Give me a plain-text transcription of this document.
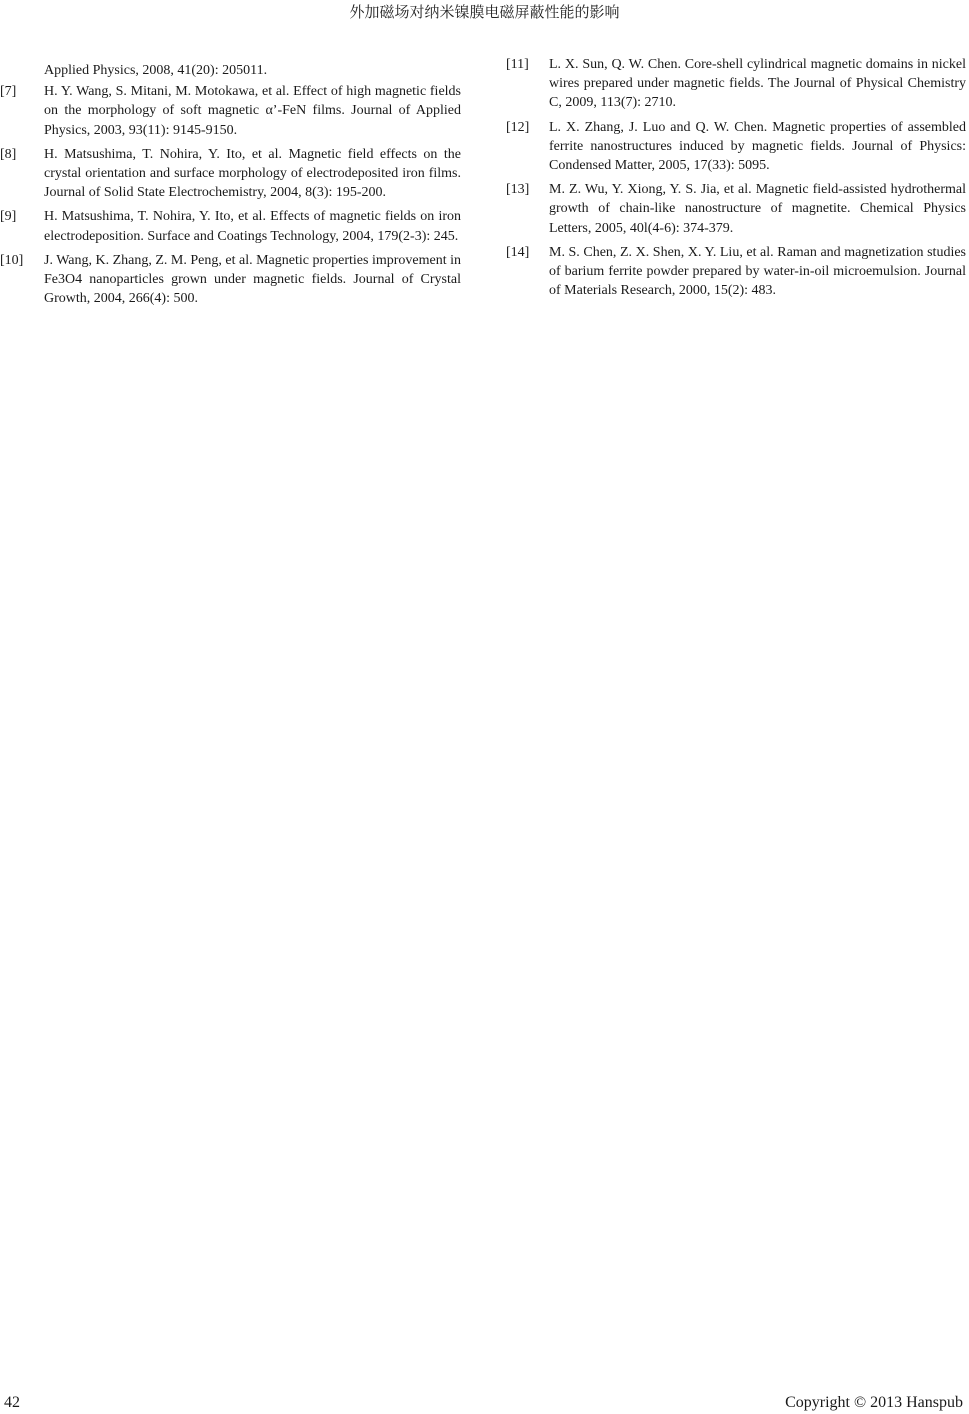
外加磁场对纳米镍膜电磁屏蔽性能的影响
Applied Physics, 2008, 41(20): 205011.
[7] H. Y. Wang, S. Mitani, M. Motokawa, et al. Effect of high magnetic fields on the morphology of soft magnetic α’-FeN films. Journal of Applied Physics, 2003, 93(11): 9145-9150.
[8] H. Matsushima, T. Nohira, Y. Ito, et al. Magnetic field effects on the crystal orientation and surface morphology of electrodeposited iron films. Journal of Solid State Electrochemistry, 2004, 8(3): 195-200.
[9] H. Matsushima, T. Nohira, Y. Ito, et al. Effects of magnetic fields on iron electrodeposition. Surface and Coatings Technology, 2004, 179(2-3): 245.
[10] J. Wang, K. Zhang, Z. M. Peng, et al. Magnetic properties improvement in Fe3O4 nanoparticles grown under magnetic fields. Journal of Crystal Growth, 2004, 266(4): 500.
[11] L. X. Sun, Q. W. Chen. Core-shell cylindrical magnetic domains in nickel wires prepared under magnetic fields. The Journal of Physical Chemistry C, 2009, 113(7): 2710.
[12] L. X. Zhang, J. Luo and Q. W. Chen. Magnetic properties of assembled ferrite nanostructures induced by magnetic fields. Journal of Physics: Condensed Matter, 2005, 17(33): 5095.
[13] M. Z. Wu, Y. Xiong, Y. S. Jia, et al. Magnetic field-assisted hydrothermal growth of chain-like nanostructure of magnetite. Chemical Physics Letters, 2005, 40l(4-6): 374-379.
[14] M. S. Chen, Z. X. Shen, X. Y. Liu, et al. Raman and magnetization studies of barium ferrite powder prepared by water-in-oil microemulsion. Journal of Materials Research, 2000, 15(2): 483.
42	Copyright © 2013 Hanspub
